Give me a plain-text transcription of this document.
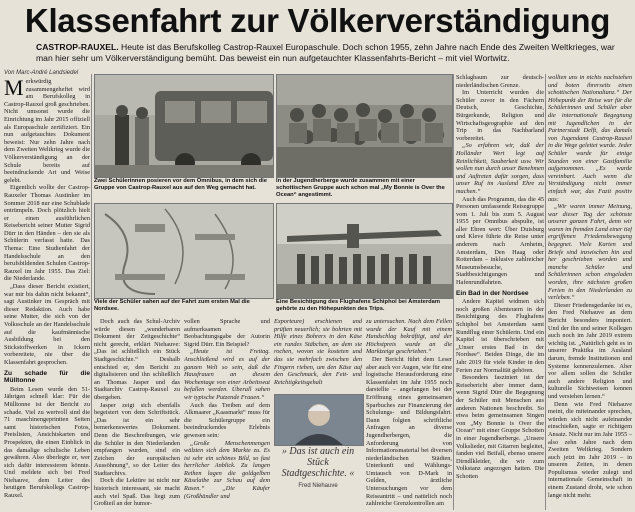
Klassenfahrt zur Völkerverständigung
CASTROP-RAUXEL. Heute ist das Berufskolleg Castrop-Rauxel Europaschule. Doch schon 1955, zehn Jahre nach Ende des Zweiten Weltkrieges, war man hier sehr um Völkerverständigung bemüht. Das beweist ein nun aufgetauchter Klassenfahrts-Bericht – mit viel Wortwitz.
Von Marc-André Landsiedel

M erkwürdig zusammengeheftet wird am Berufskolleg in Castrop-Rauxel groß geschrieben. Nicht umsonst wurde die Einrichtung im Jahr 2015 offiziell als Europaschule zertifiziert. Ein nun aufgetauchtes Dokument beweist: Nur zehn Jahre nach dem Zweiten Weltkrieg wurde die Völkerverständigung an der Schule bereits auf beeindruckende Art und Weise gelebt.

Eigentlich wollte der Castrop-Rauxeler Thomas Austinker im Sommer 2018 nur eine Schublade entrümpeln. Doch plötzlich hielt er einen ausführlichen Reisebericht seiner Mutter Sigrid Dürr in den Händen – den sie als Schülerin verfasst hatte. Das Thema: Eine Studienfahrt der Handelsschule an den berufsbildenden Schulen Castrop-Rauxel im Jahr 1955. Das Ziel: die Niederlande.

„Dass dieser Bericht existiert, war mir bis dahin nicht bekannt“, sagt Austinker im Gespräch mit dieser Redaktion. Auch habe seine Mutter, die sich von der Volksschule an der Handelsschule auf die kaufmännische Ausbildung bei den Stickstoffwerken in Ickern vorbereitete, nie über die Klassenfahrt gesprochen.

Zu schade für die Mülltonne

Beim Lesen wurde den 51-Jährigen schnell klar: Für die Mülltonne ist der Bericht zu schade. Viel zu wertvoll sind die 71 maschinengeprintten Seiten samt historischen Fotos, Preislisten, Ansichtskarten und Prospekten, die einen Einblick in das damalige schulische Leben gewähren. Also überlegte er, wer sich dafür interessieren könnte. Und meldete sich bei Fred Niehauve, dem Leiter des heutigen Berufskollegs Castrop-Rauxel.

Zwei Schülerinnen posieren vor dem Omnibus, in dem sich die Gruppe von Castrop-Rauxel aus auf den Weg gemacht hat.
In der Jugendherberge wurde zusammen mit einer schottischen Gruppe auch schon mal „My Bonnie is Over the Ocean“ angestimmt.
Viele der Schüler sahen auf der Fahrt zum ersten Mal die Nordsee.
Eine Besichtigung des Flughafens Schiphol bei Amsterdam gehörte zu den Höhepunkten des Trips.

Doch auch das Schul-Archiv würde diesen „wunderbaren Dokument der Zeitgeschichte“ nicht gerecht, erklärt Niehauve: „Das ist schließlich ein Stück Stadtgeschichte.“ Deshalb entschied er, den Bericht zu digitalisieren und ihn schließlich an Thomas Jasper und das Stadtarchiv Castrop-Rauxel zu übergeben.

Jasper zeigt sich ebenfalls begeistert von dem Schriftstück. „Das ist ein sehr bemerkenswertes Dokument. Denn die Beschreibungen, wie die Schüler in den Niederlanden empfangen wurden, sind ein Zeichen der europäischen Aussöhnung“, so der Leiter des Stadtarchivs.

Doch die Lektüre ist nicht nur historisch interessant, sie macht auch viel Spaß. Das liegt zum Großteil an der humor-

vollen Sprache und aufmerksamen Beobachtungsgabe der Autorin Sigrid Dürr. Ein Beispiel?

„Heute ist Freitag. Anschließend wird es auf der ganzen Welt so sein, daß die Hausfrauen an diesem Wochentage von einer Arbeitswut befallen werden. Überall sahen wir typische Putzende Frauen.“

Auch das Treiben auf dem Alkmaarer „Kaasmarkt“ muss für die Schülergruppe ein beeindruckendes Erlebnis gewesen sein:

„Große Menschenmengen wälzten sich dem Markte zu. Es ist sehr ein schönes Bild, so fast herrlicher Anblick. Zu langen Reihen lagen die goldgelben Käselaibe zur Schau auf dem Rasen.“ „Die Käufer (Großhändler und

Exporteure) erschienen und prüften neuerlich; sie bohrten mit Hilfe eines Bohrers in den Käse ein rundes Stäbchen, an dem sie rochen, wovon sie kosteten und das sie mehrfach zwischen den Fingern rieben, um den Käse auf den Geschmack, den Fett- und Reichtigkeitsgehalt

» Das ist auch ein Stück Stadtgeschichte. «
Fred Niehauve

zu untersuchen. Nach dem Fellen wurde der Kauf mit einem Handschlag bekräftigt, und der Höchstpreis wurde an die Marktzeige geschrieben.“

Der Bericht führt dem Leser aber auch vor Augen, wie für eine logistische Herausforderung eine Klassenfahrt im Jahr 1955 noch darstellte – angefangen bei der Eröffnung eines gemeinsamen Sparbuches zur Finanzierung der Schulungs- und Bildungsfahrt. Dann folgten schriftliche Anfragen an diverse Jugendherbergen, die Anforderung von Informationsmaterial bei diversen niederländischen Städten, Unterkunft und Wählungs-Umtausch von D-Mark in Gulden, ärztliche Untersuchungen vor dem Reiseantritt – und natürlich noch zahlreiche Grenzkontrollen am

Schlagbaum zur deutsch-niederländischen Grenze.

Im Unterricht wurden die Schüler zuvor in den Fächern Deutsch, Geschichte, Bürgerkunde, Religion und Wirtschaftsgeographie auf den Trip in das Nachbarland vorbereitet.

„So erfahren wir, daß der Holländer Wert legt auf Reinlichkeit, Sauberkeit usw. Wir wollen nun durch unser Benehmen und Auftreten dafür sorgen, dass unser Ruf im Ausland Ehre zu machen.“

Auch das Programm, das die 45 Personen umfassende Reisegruppe vom 1. Juli bis zum 5. August 1955 per Omnibus abspulte, ist aller Ehren wert: Über Duisburg und Kleve führte die Reise unter anderem nach Arnheim, Amsterdam, Den Haag oder Rotterdam – inklusive zahlreicher Museumsbesuche, Stadtbesichtigungen und Hafenrundfahrten.

Ein Bad in der Nordsee

Andere Kapitel widmen sich noch großen Abenteuern in der Besichtigung des Flughafens Schiphol bei Amsterdam samt Rundflug einer Schülerin. Und ein Kapitel ist überschrieben mit „Unser erstes Bad in der Nordsee“. Beiden Dinge, die im Jahr 2019 für viele Kinder in den Ferien zur Normalität gehören.

Besonders fasziniert ist der Reisebericht aber immer dann, wenn Sigrid Dürr die Begegnung der Schüler mit Menschen aus anderen Nationen beschreibt. So etwa beim gemeinsamen Singen von „My Bonnie is Over the Ocean“ mit einer Gruppe Schotten in einer Jugendherberge. „Unsere Volkslieder, mit Gitarren begleitet, fanden viel Beifall, ebenso unsere Dirndlkleider, die wir zum Volkstanz angezogen hatten. Die Schotten

wollten uns in nichts nachstehen und boten ihrerseits einen schottischen Nationaltanz.“ Der Höhepunkt der Reise war für die Schülerinnen und Schüler aber die internationale Begegnung mit Jugendlichen in der Partnerstadt Delft, das damals von Jugendamt Castrop-Rauxel in die Wege geleitet wurde. Jeder Schüler wurde für einige Stunden von einer Gastfamilie aufgenommen. „Es wurde vereinbart. Auch wenn die Verständigung nicht immer einfach war, das Fazit positiv aus:

„Wir waren immer Meinung, war dieser Tag der schönste unserer ganzen Fahrt, denn wir waren im fremden Land einer tief ergriffenen Friedensbewegung begegnet. Viele Karten und Briefe sind inzwischen hin und her geschrieben worden und manche Schüler und Schülerinnen schon eingeladen worden, ihre nächsten großen Ferien in den Niederlanden zu verleben.“

Dieser Friedensgedanke ist es, den Fred Niehauve an dem Bericht besonders imponiert. Und der ihn und seiner Kollegen auch noch im Jahr 2019 extrem wichtig ist. „Natürlich geht es in unserer Praktika im Ausland darum, fremde Institutionen und Systeme kennenzulernen. Aber vor allem sollen die Schüler auch andere Religion und kulturelle Sichtweisen kennen und verstehen lernen.“

Denn wie Fred Niehauve meint, die miteinander sprechen, würden sich nicht aufeinander einschießen, sagte er richtigem Ansatz. Nicht nur im Jahr 1955 – also zehn Jahre nach dem Zweiten Weltkrieg. Sondern auch jetzt im Jahr 2019 – in unseren Zeiten, in denen Populismus wieder zulegt und internationale Gemeinschaft in einem Zustand droht, wie schon lange nicht mehr.
